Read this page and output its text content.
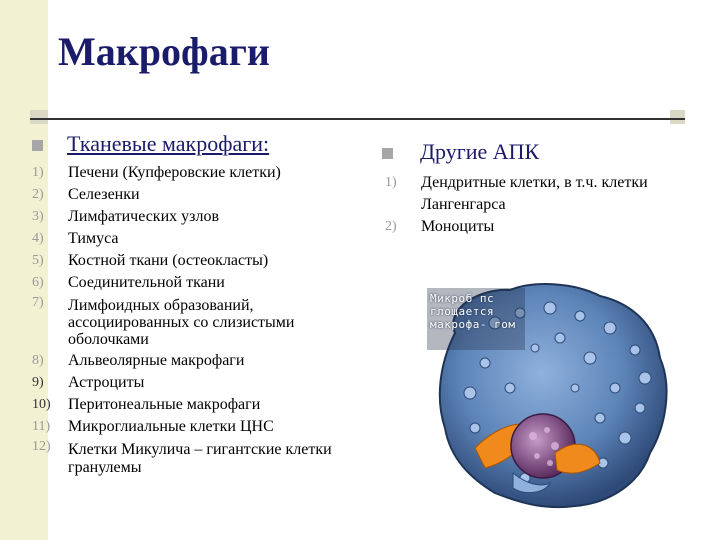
Макрофаги
Тканевые макрофаги:
1) Печени (Купферовские клетки)
2) Селезенки
3) Лимфатических узлов
4) Тимуса
5) Костной ткани (остеокласты)
6) Соединительной ткани
7) Лимфоидных образований, ассоциированных со слизистыми оболочками
8) Альвеолярные макрофаги
9) Астроциты
10) Перитонеальные макрофаги
11) Микроглиальные клетки ЦНС
12) Клетки Микулича – гигантские клетки гранулемы
Другие АПК
1) Дендритные клетки, в т.ч. клетки Лангенгарса
2) Моноциты
Микроб пс глощается макрофа- гом
